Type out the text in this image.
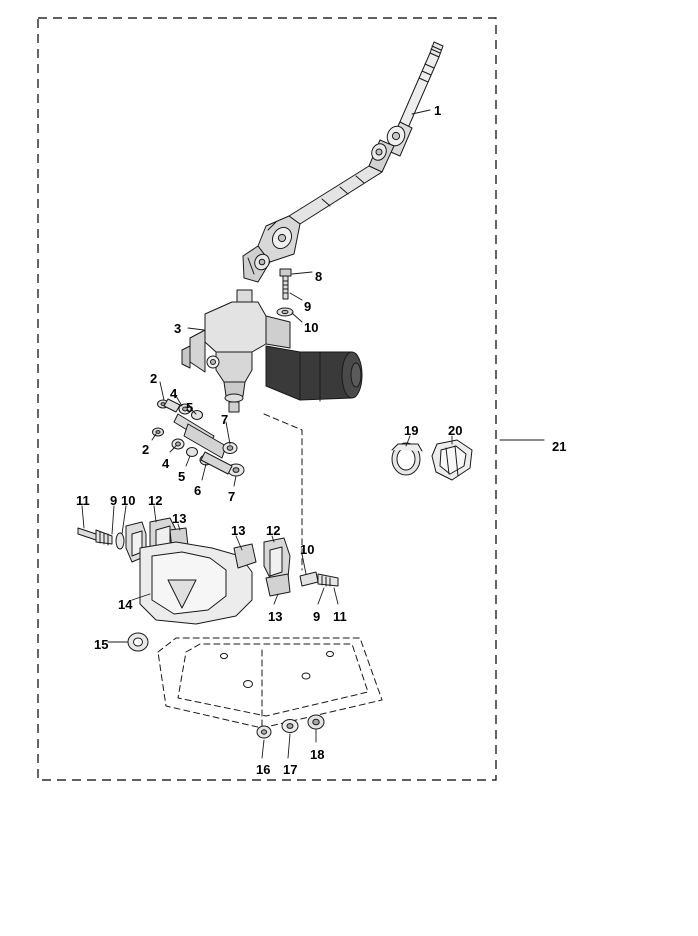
1
8
9
10
3
2
4
5
7
2
4
5
6 7
19 20
21
11 9 10 12
13
13 12
10
14
13 9 11
15
16 17
18
